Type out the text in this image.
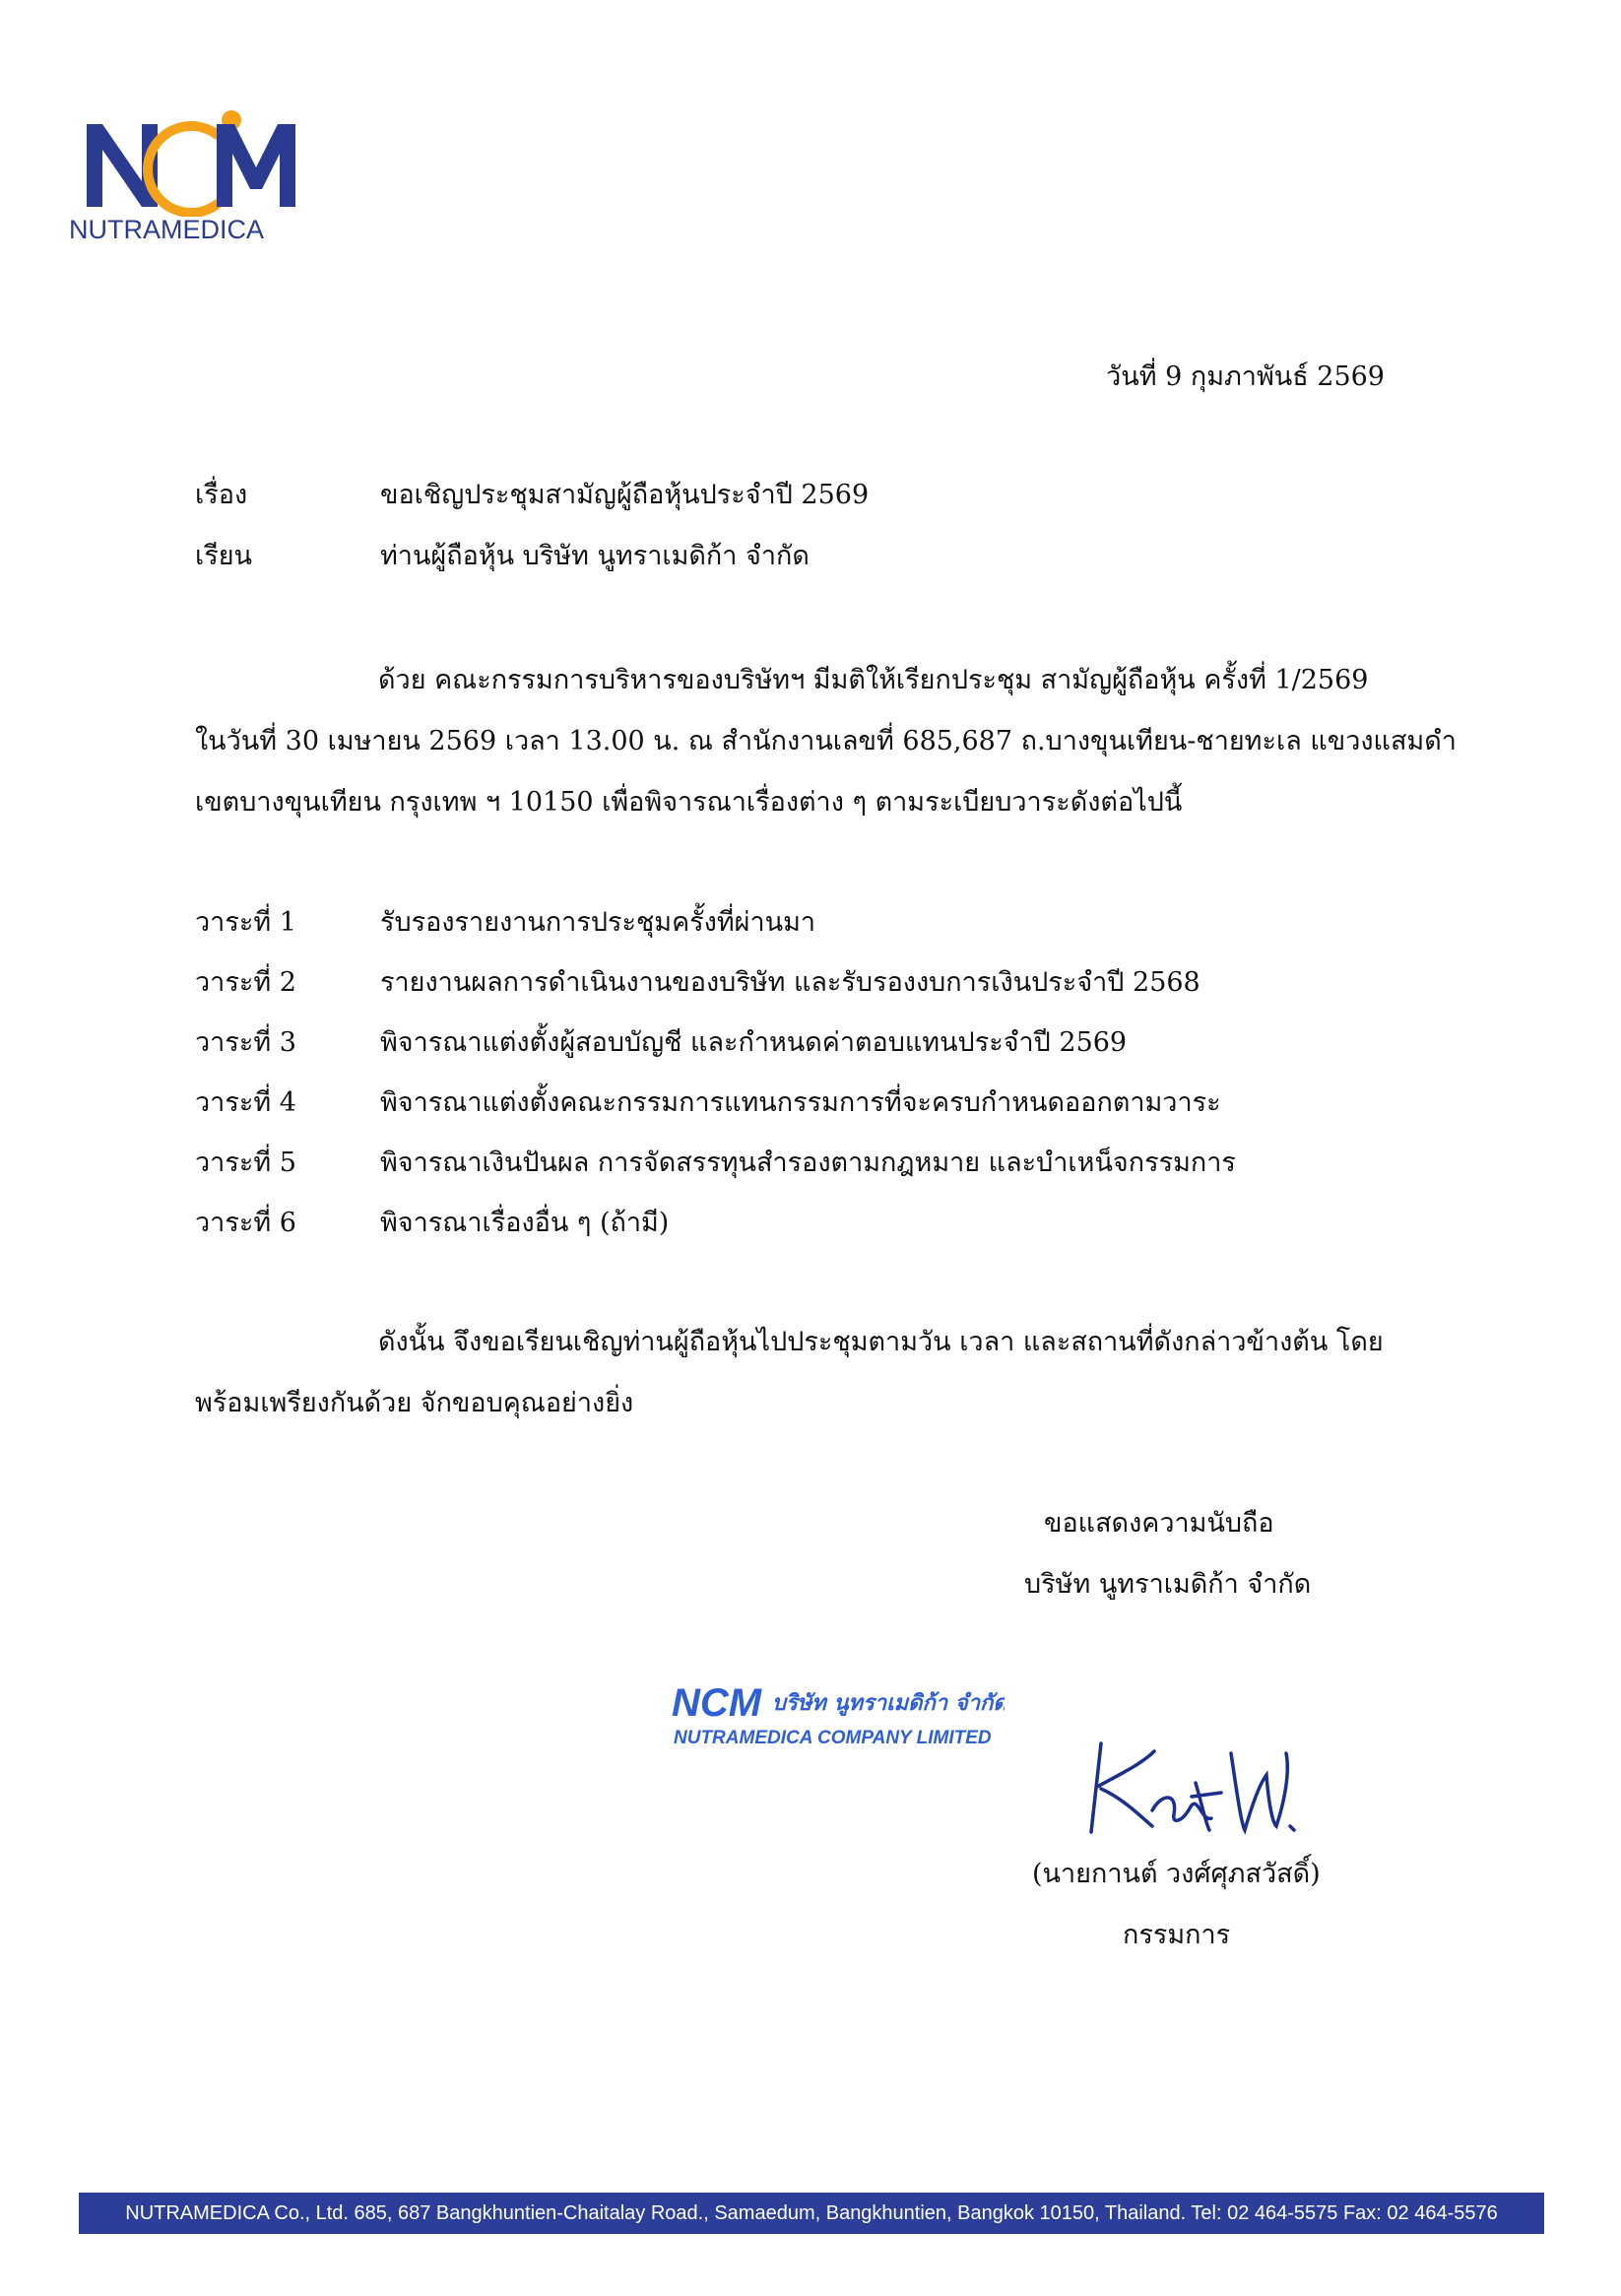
NUTRAMEDICA
วันที่ 9 กุมภาพันธ์ 2569
เรื่อง	ขอเชิญประชุมสามัญผู้ถือหุ้นประจำปี 2569
เรียน	ท่านผู้ถือหุ้น บริษัท นูทราเมดิก้า จำกัด
ด้วย คณะกรรมการบริหารของบริษัทฯ มีมติให้เรียกประชุม สามัญผู้ถือหุ้น ครั้งที่ 1/2569
ในวันที่ 30 เมษายน 2569 เวลา 13.00 น. ณ สำนักงานเลขที่ 685,687 ถ.บางขุนเทียน-ชายทะเล แขวงแสมดำ
เขตบางขุนเทียน กรุงเทพ ฯ 10150 เพื่อพิจารณาเรื่องต่าง ๆ ตามระเบียบวาระดังต่อไปนี้
วาระที่ 1	รับรองรายงานการประชุมครั้งที่ผ่านมา
วาระที่ 2	รายงานผลการดำเนินงานของบริษัท และรับรองงบการเงินประจำปี 2568
วาระที่ 3	พิจารณาแต่งตั้งผู้สอบบัญชี และกำหนดค่าตอบแทนประจำปี 2569
วาระที่ 4	พิจารณาแต่งตั้งคณะกรรมการแทนกรรมการที่จะครบกำหนดออกตามวาระ
วาระที่ 5	พิจารณาเงินปันผล การจัดสรรทุนสำรองตามกฎหมาย และบำเหน็จกรรมการ
วาระที่ 6	พิจารณาเรื่องอื่น ๆ (ถ้ามี)
ดังนั้น จึงขอเรียนเชิญท่านผู้ถือหุ้นไปประชุมตามวัน เวลา และสถานที่ดังกล่าวข้างต้น โดย
พร้อมเพรียงกันด้วย จักขอบคุณอย่างยิ่ง
ขอแสดงความนับถือ
บริษัท นูทราเมดิก้า จำกัด
NCM บริษัท นูทราเมดิก้า จำกัด
NUTRAMEDICA COMPANY LIMITED
(นายกานต์ วงศ์ศุภสวัสดิ์)
กรรมการ
NUTRAMEDICA Co., Ltd. 685, 687 Bangkhuntien-Chaitalay Road., Samaedum, Bangkhuntien, Bangkok 10150, Thailand. Tel: 02 464-5575 Fax: 02 464-5576
